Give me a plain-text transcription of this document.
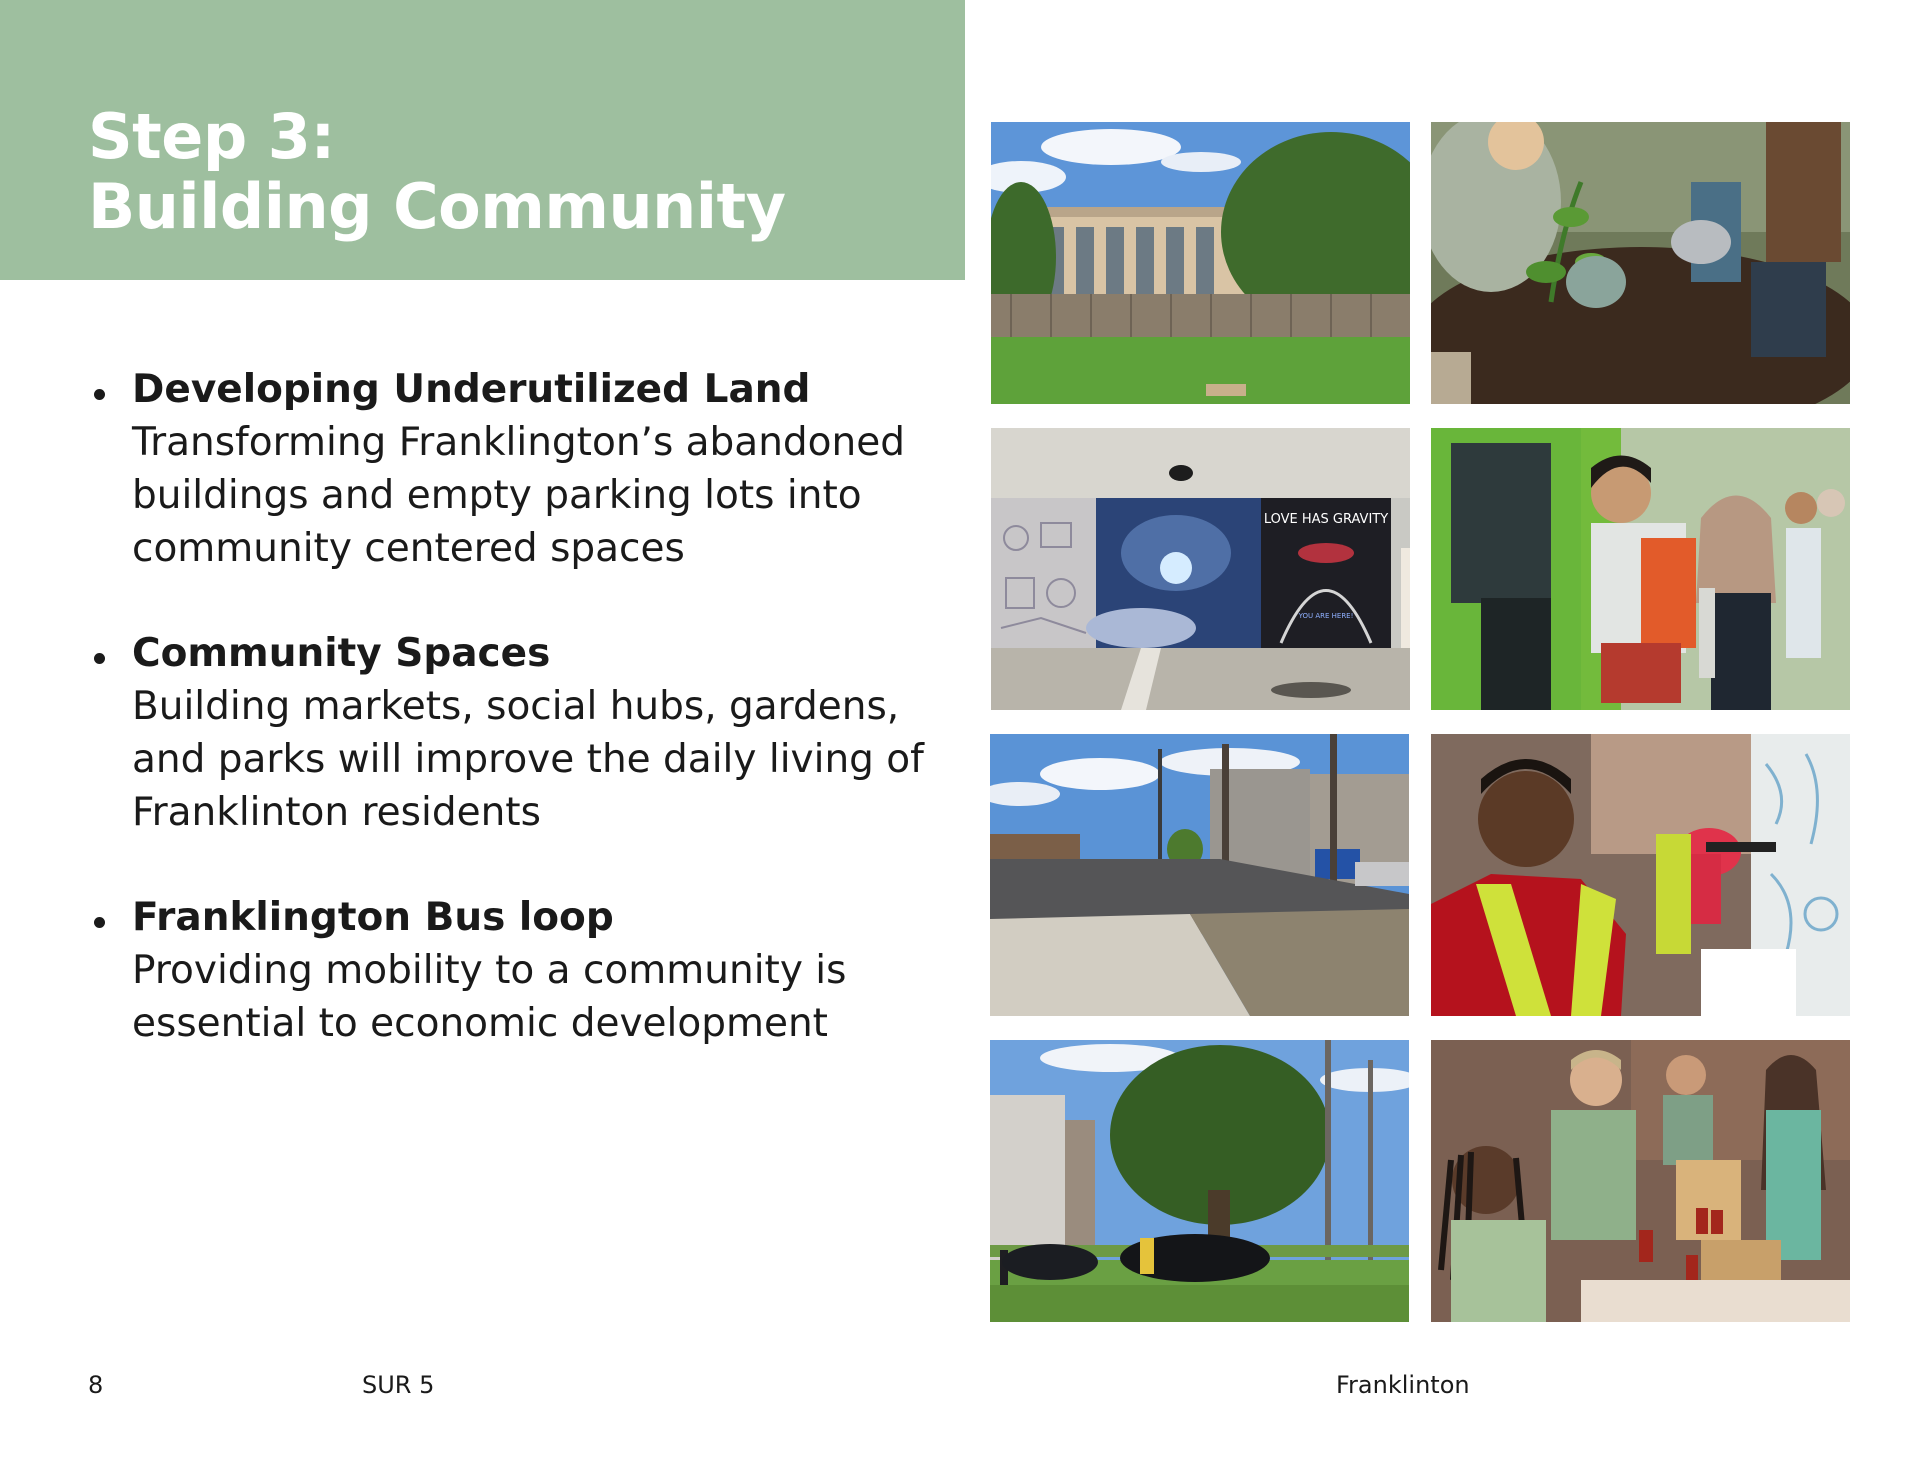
Step 3:
Building Community
Developing Underutilized Land
Transforming Franklington’s abandoned buildings and empty parking lots into community centered spaces
Community Spaces
Building markets, social hubs, gardens, and parks will improve the daily living of Franklinton residents
Franklington Bus loop
Providing mobility to a community is essential to economic development
LOVE HAS GRAVITY
YOU ARE HERE!
8	SUR 5	Franklinton
